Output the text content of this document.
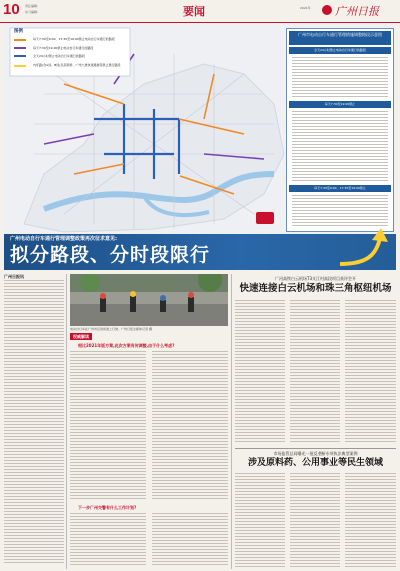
10 责任编辑:
实习编辑:	要闻	2021年 广州日报
图例
每天7:30至9:00、17:30至19:00禁止电动自行车通行的路段
每天7:30至19:00禁止电动自行车通行的路段
全天24小时禁止电动自行车通行的路段
内环路(含A线、B线)及高架桥、广州大道快速通道等禁止通行路段
广州市电动自行车通行管理措施调整路段示意图
全天24小时禁止电动自行车通行的路段
每天7:30至19:00禁止
每天7:30至9:00、17:30至19:00禁止
广州电动自行车通行管理调整政策再次征求意见:
拟分路段、分时段限行
广州日报讯
电动自行车在广州市区的街道上行驶。广州日报全媒体记者 摄
权威解读
相比2021年版方案,此次方案有何调整,由于什么考虑?
下一步广州交警有什么工作计划?
广河高铁白云机场T3支江村高段项目获评会开
快速连接白云机场和珠三角枢纽机场
市场监管总局曝光一批反垄断专项执法典型案例
涉及原料药、公用事业等民生领域
